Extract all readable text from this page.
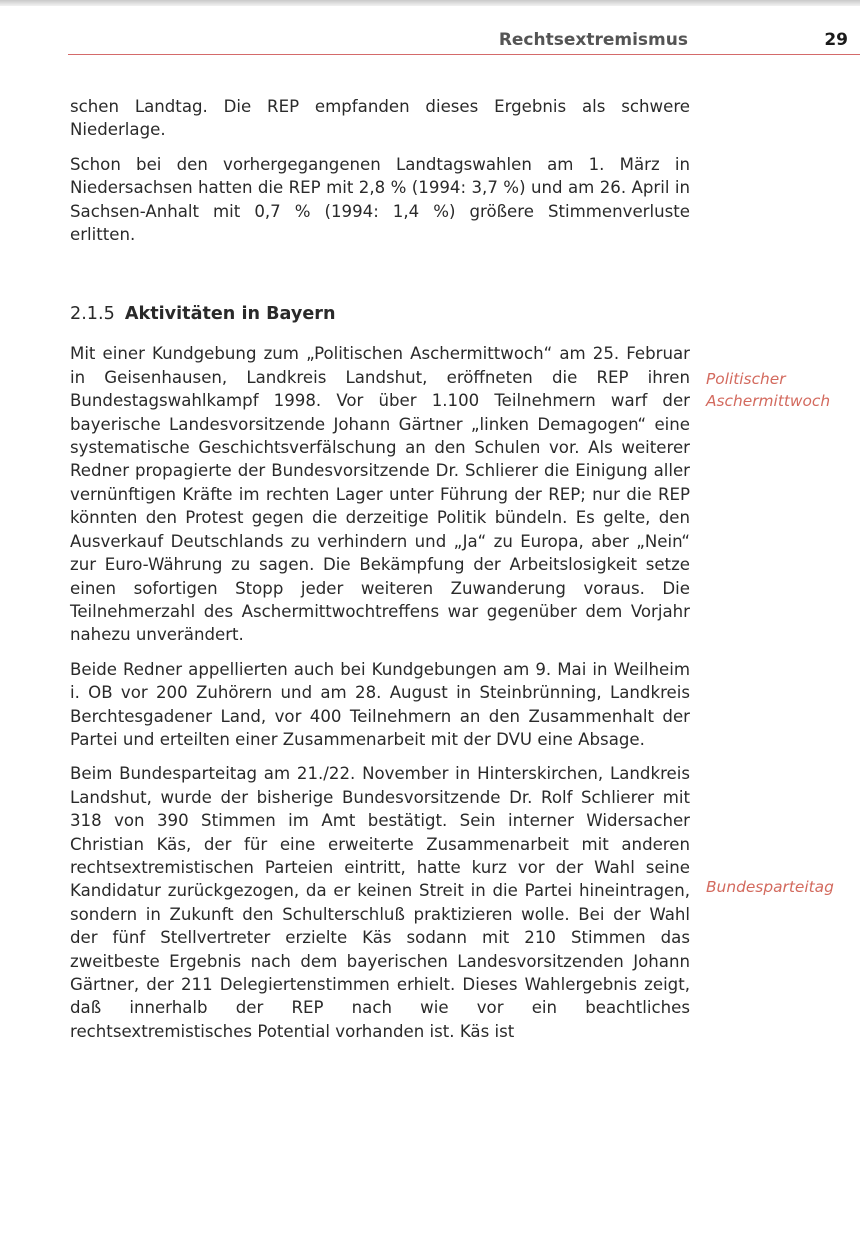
Rechtsextremismus	29

schen Landtag. Die REP empfanden dieses Ergebnis als schwere Niederlage.

Schon bei den vorhergegangenen Landtagswahlen am 1. März in Niedersachsen hatten die REP mit 2,8 % (1994: 3,7 %) und am 26. April in Sachsen-Anhalt mit 0,7 % (1994: 1,4 %) größere Stimmenverluste erlitten.

2.1.5 Aktivitäten in Bayern

Mit einer Kundgebung zum „Politischen Aschermittwoch“ am 25. Februar in Geisenhausen, Landkreis Landshut, eröffneten die REP ihren Bundestagswahlkampf 1998. Vor über 1.100 Teilnehmern warf der bayerische Landesvorsitzende Johann Gärtner „linken Demagogen“ eine systematische Geschichtsverfälschung an den Schulen vor. Als weiterer Redner propagierte der Bundesvorsitzende Dr. Schlierer die Einigung aller vernünftigen Kräfte im rechten Lager unter Führung der REP; nur die REP könnten den Protest gegen die derzeitige Politik bündeln. Es gelte, den Ausverkauf Deutschlands zu verhindern und „Ja“ zu Europa, aber „Nein“ zur Euro-Währung zu sagen. Die Bekämpfung der Arbeitslosigkeit setze einen sofortigen Stopp jeder weiteren Zuwanderung voraus. Die Teilnehmerzahl des Aschermittwochtreffens war gegenüber dem Vorjahr nahezu unverändert.

Beide Redner appellierten auch bei Kundgebungen am 9. Mai in Weilheim i. OB vor 200 Zuhörern und am 28. August in Steinbrünning, Landkreis Berchtesgadener Land, vor 400 Teilnehmern an den Zusammenhalt der Partei und erteilten einer Zusammenarbeit mit der DVU eine Absage.

Beim Bundesparteitag am 21./22. November in Hinterskirchen, Landkreis Landshut, wurde der bisherige Bundesvorsitzende Dr. Rolf Schlierer mit 318 von 390 Stimmen im Amt bestätigt. Sein interner Widersacher Christian Käs, der für eine erweiterte Zusammenarbeit mit anderen rechtsextremistischen Parteien eintritt, hatte kurz vor der Wahl seine Kandidatur zurückgezogen, da er keinen Streit in die Partei hineintragen, sondern in Zukunft den Schulterschluß praktizieren wolle. Bei der Wahl der fünf Stellvertreter erzielte Käs sodann mit 210 Stimmen das zweitbeste Ergebnis nach dem bayerischen Landesvorsitzenden Johann Gärtner, der 211 Delegiertenstimmen erhielt. Dieses Wahlergebnis zeigt, daß innerhalb der REP nach wie vor ein beachtliches rechtsextremistisches Potential vorhanden ist. Käs ist

Politischer
Aschermittwoch
Bundesparteitag
